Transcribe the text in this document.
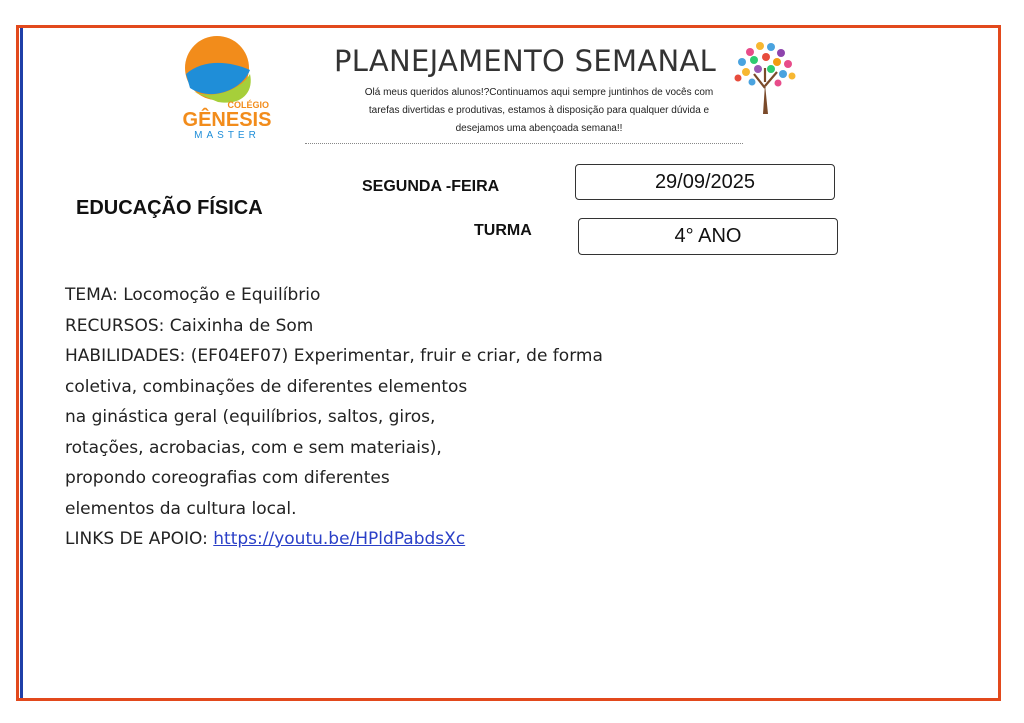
COLÉGIO
GÊNESIS
MASTER
PLANEJAMENTO SEMANAL
Olá meus queridos alunos!?Continuamos aqui sempre juntinhos de vocês com
tarefas divertidas e produtivas, estamos à disposição para qualquer dúvida e
desejamos uma abençoada semana!!
EDUCAÇÃO FÍSICA
SEGUNDA -FEIRA	29/09/2025
TURMA	4° ANO
TEMA: Locomoção e Equilíbrio
RECURSOS: Caixinha de Som
HABILIDADES: (EF04EF07) Experimentar, fruir e criar, de forma
coletiva, combinações de diferentes elementos
na ginástica geral (equilíbrios, saltos, giros,
rotações, acrobacias, com e sem materiais),
propondo coreografias com diferentes
elementos da cultura local.
LINKS DE APOIO: https://youtu.be/HPldPabdsXc
